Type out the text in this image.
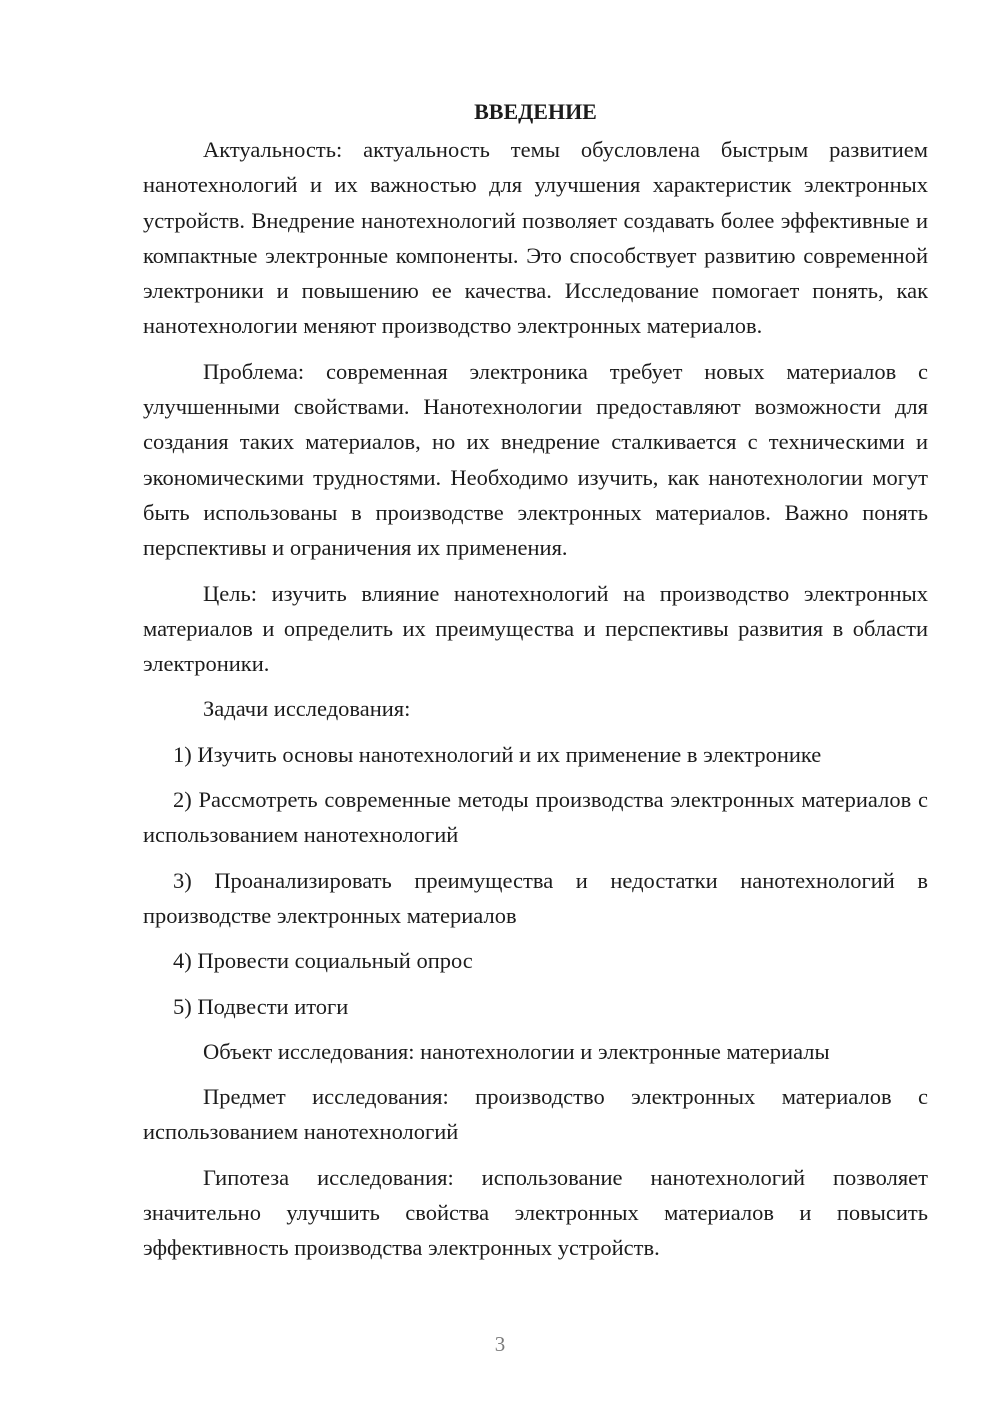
ВВЕДЕНИЕ

Актуальность: актуальность темы обусловлена быстрым развитием нанотехнологий и их важностью для улучшения характеристик электронных устройств. Внедрение нанотехнологий позволяет создавать более эффективные и компактные электронные компоненты. Это способствует развитию современной электроники и повышению ее качества. Исследование помогает понять, как нанотехнологии меняют производство электронных материалов.

Проблема: современная электроника требует новых материалов с улучшенными свойствами. Нанотехнологии предоставляют возможности для создания таких материалов, но их внедрение сталкивается с техническими и экономическими трудностями. Необходимо изучить, как нанотехнологии могут быть использованы в производстве электронных материалов. Важно понять перспективы и ограничения их применения.

Цель: изучить влияние нанотехнологий на производство электронных материалов и определить их преимущества и перспективы развития в области электроники.

Задачи исследования:

1) Изучить основы нанотехнологий и их применение в электронике

2) Рассмотреть современные методы производства электронных материалов с использованием нанотехнологий

3) Проанализировать преимущества и недостатки нанотехнологий в производстве электронных материалов

4) Провести социальный опрос

5) Подвести итоги

Объект исследования: нанотехнологии и электронные материалы

Предмет исследования: производство электронных материалов с использованием нанотехнологий

Гипотеза исследования: использование нанотехнологий позволяет значительно улучшить свойства электронных материалов и повысить эффективность производства электронных устройств.

3
